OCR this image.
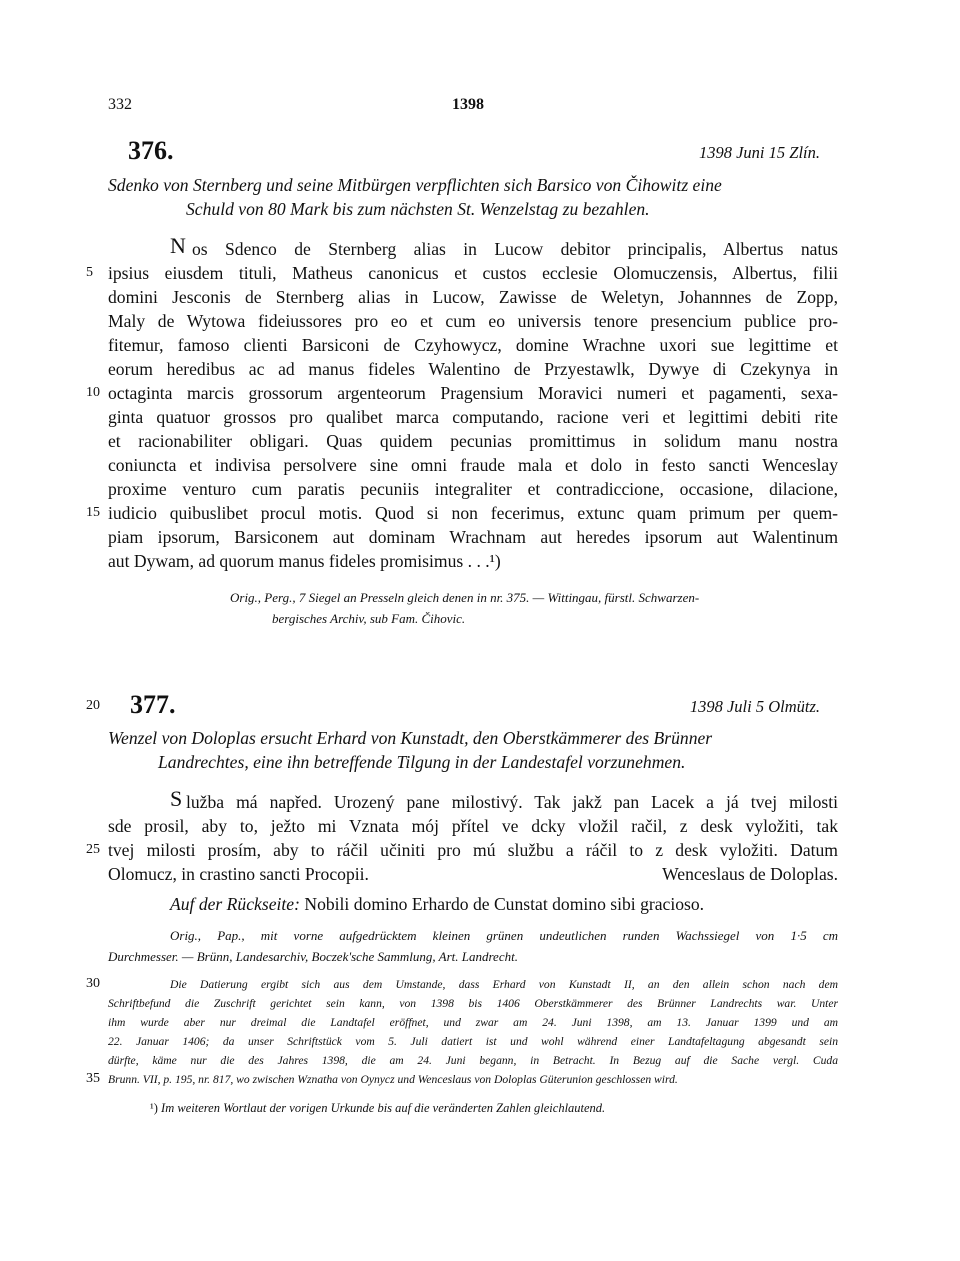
332	1398
376.	1398 Juni 15 Zlín.
Sdenko von Sternberg und seine Mitbürgen verpflichten sich Barsico von Čihowitz eine
Schuld von 80 Mark bis zum nächsten St. Wenzelstag zu bezahlen.
N os Sdenco de Sternberg alias in Lucow debitor principalis, Albertus natus
ipsius eiusdem tituli, Matheus canonicus et custos ecclesie Olomuczensis, Albertus, filii
domini Jesconis de Sternberg alias in Lucow, Zawisse de Weletyn, Johannnes de Zopp,
Maly de Wytowa fideiussores pro eo et cum eo universis tenore presencium publice pro-
fitemur, famoso clienti Barsiconi de Czyhowycz, domine Wrachne uxori sue legittime et
eorum heredibus ac ad manus fideles Walentino de Przyestawlk, Dywye di Czekynya in
octaginta marcis grossorum argenteorum Pragensium Moravici numeri et pagamenti, sexa-
ginta quatuor grossos pro qualibet marca computando, racione veri et legittimi debiti rite
et racionabiliter obligari. Quas quidem pecunias promittimus in solidum manu nostra
coniuncta et indivisa persolvere sine omni fraude mala et dolo in festo sancti Wenceslay
proxime venturo cum paratis pecuniis integraliter et contradiccione, occasione, dilacione,
iudicio quibuslibet procul motis. Quod si non fecerimus, extunc quam primum per quem-
piam ipsorum, Barsiconem aut dominam Wrachnam aut heredes ipsorum aut Walentinum
aut Dywam, ad quorum manus fideles promisimus . . .¹)
Orig., Perg., 7 Siegel an Presseln gleich denen in nr. 375. — Wittingau, fürstl. Schwarzen-
bergisches Archiv, sub Fam. Čihovic.
377.	1398 Juli 5 Olmütz.
Wenzel von Doloplas ersucht Erhard von Kunstadt, den Oberstkämmerer des Brünner
Landrechtes, eine ihn betreffende Tilgung in der Landestafel vorzunehmen.
S lužba má napřed. Urozený pane milostivý. Tak jakž pan Lacek a já tvej milosti
sde prosil, aby to, ježto mi Vznata mój přítel ve dcky vložil račil, z desk vyložiti, tak
tvej milosti prosím, aby to ráčil učiniti pro mú službu a ráčil to z desk vyložiti. Datum
Olomucz, in crastino sancti Procopii.	Wenceslaus de Doloplas.
Auf der Rückseite: Nobili domino Erhardo de Cunstat domino sibi gracioso.
Orig., Pap., mit vorne aufgedrücktem kleinen grünen undeutlichen runden Wachssiegel von 1·5 cm
Durchmesser. — Brünn, Landesarchiv, Boczek'sche Sammlung, Art. Landrecht.
Die Datierung ergibt sich aus dem Umstande, dass Erhard von Kunstadt II, an den allein schon nach dem
Schriftbefund die Zuschrift gerichtet sein kann, von 1398 bis 1406 Oberstkämmerer des Brünner Landrechts war. Unter
ihm wurde aber nur dreimal die Landtafel eröffnet, und zwar am 24. Juni 1398, am 13. Januar 1399 und am
22. Januar 1406; da unser Schriftstück vom 5. Juli datiert ist und wohl während einer Landtafeltagung abgesandt sein
dürfte, käme nur die des Jahres 1398, die am 24. Juni begann, in Betracht. In Bezug auf die Sache vergl. Cuda
Brunn. VII, p. 195, nr. 817, wo zwischen Wznatha von Oynycz und Wenceslaus von Doloplas Güterunion geschlossen wird.
¹) Im weiteren Wortlaut der vorigen Urkunde bis auf die veränderten Zahlen gleichlautend.
5
10
15
20
25
30
35
